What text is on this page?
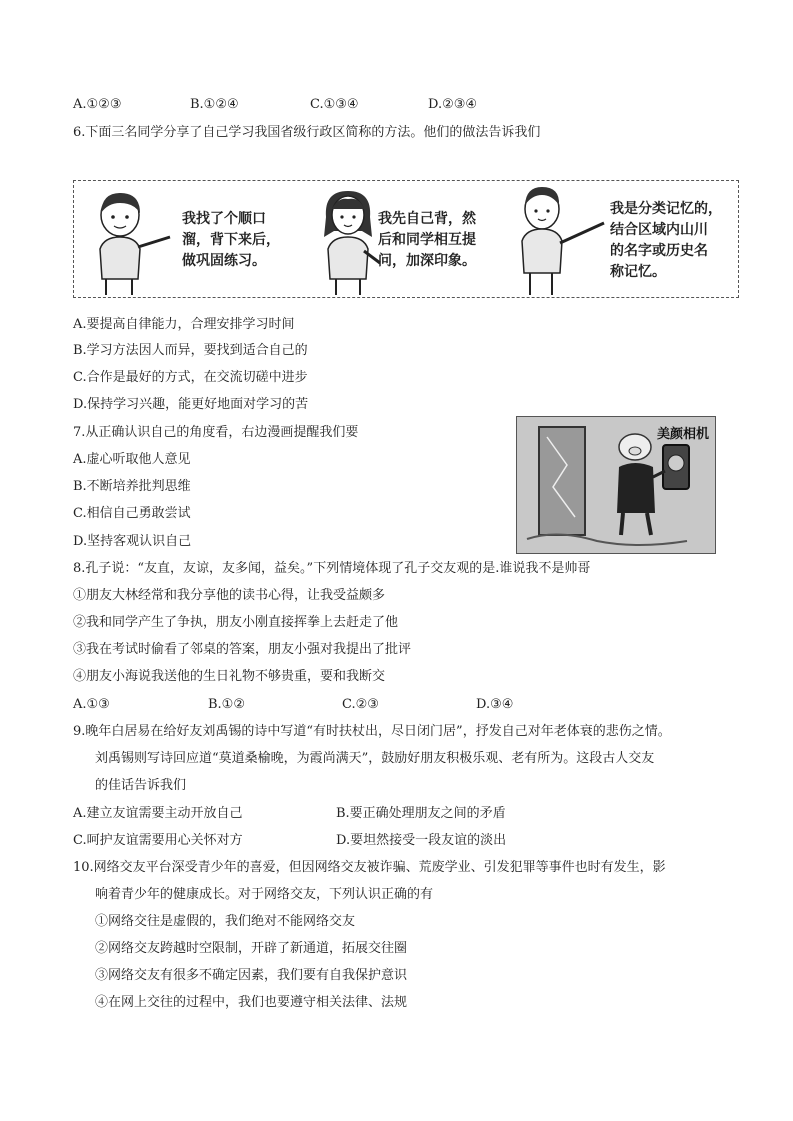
A.①②③	B.①②④	C.①③④	D.②③④
6.下面三名同学分享了自己学习我国省级行政区简称的方法。他们的做法告诉我们
我找了个顺口
溜，背下来后，
做巩固练习。
我先自己背，然
后和同学相互提
问，加深印象。
我是分类记忆的，
结合区域内山川
的名字或历史名
称记忆。
A.要提高自律能力，合理安排学习时间
B.学习方法因人而异，要找到适合自己的
C.合作是最好的方式，在交流切磋中进步
D.保持学习兴趣，能更好地面对学习的苦
7.从正确认识自己的角度看，右边漫画提醒我们要
A.虚心听取他人意见
B.不断培养批判思维
C.相信自己勇敢尝试
D.坚持客观认识自己
美颜相机
8.孔子说：“友直，友谅，友多闻，益矣。”下列情境体现了孔子交友观的是.谁说我不是帅哥
①朋友大林经常和我分享他的读书心得，让我受益颇多
②我和同学产生了争执，朋友小刚直接挥拳上去赶走了他
③我在考试时偷看了邻桌的答案，朋友小强对我提出了批评
④朋友小海说我送他的生日礼物不够贵重，要和我断交
A.①③	B.①②	C.②③	D.③④
9.晚年白居易在给好友刘禹锡的诗中写道“有时扶杖出，尽日闭门居”，抒发自己对年老体衰的悲伤之情。
刘禹锡则写诗回应道“莫道桑榆晚，为霞尚满天”，鼓励好朋友积极乐观、老有所为。这段古人交友
的佳话告诉我们
A.建立友谊需要主动开放自己	B.要正确处理朋友之间的矛盾
C.呵护友谊需要用心关怀对方	D.要坦然接受一段友谊的淡出
10.网络交友平台深受青少年的喜爱，但因网络交友被诈骗、荒废学业、引发犯罪等事件也时有发生，影
响着青少年的健康成长。对于网络交友，下列认识正确的有
①网络交往是虚假的，我们绝对不能网络交友
②网络交友跨越时空限制，开辟了新通道，拓展交往圈
③网络交友有很多不确定因素，我们要有自我保护意识
④在网上交往的过程中，我们也要遵守相关法律、法规
